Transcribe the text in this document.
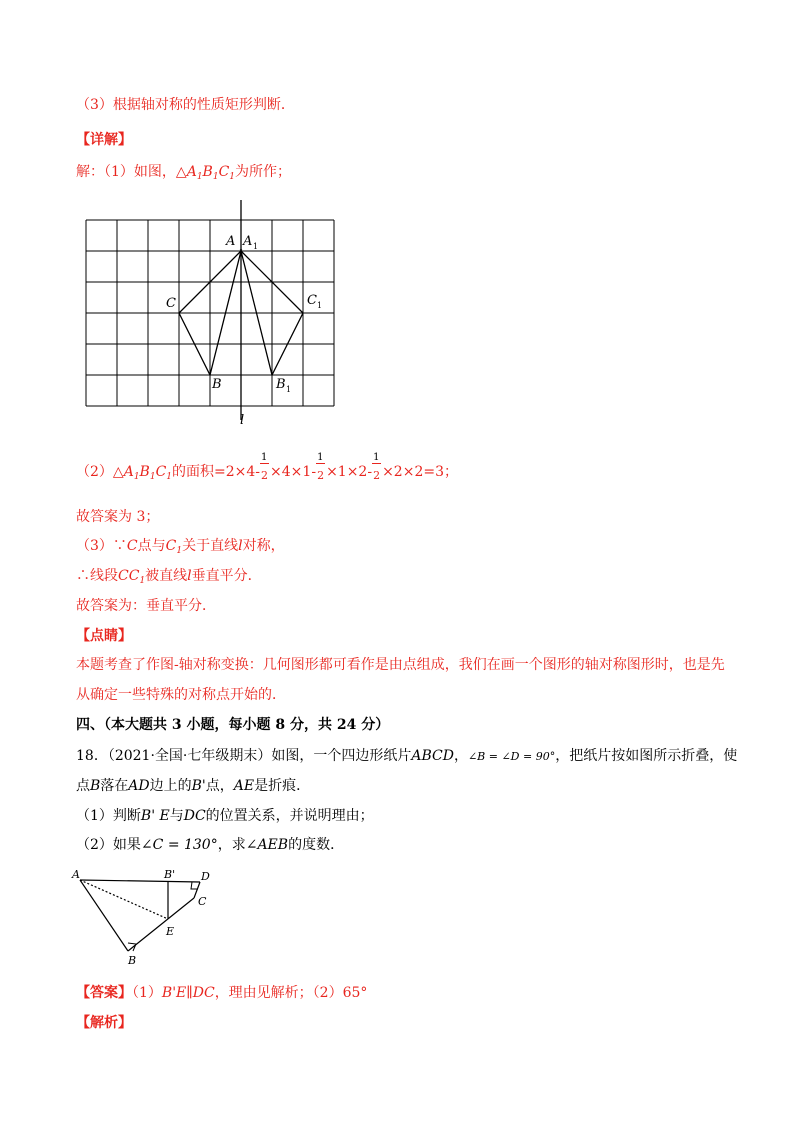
（3）根据轴对称的性质矩形判断．
【详解】
解：（1）如图，$\triangle A_1B_1C_1$为所作；
A A 1
C	C 1
B	B 1
l
$(2)\triangle A_1B_1C_1$的面积$=2\times 4- \frac{1}{2} \times 4\times 1- \frac{1}{2} \times 1\times 2- \frac{1}{2} \times 2\times 2=3$；
故答案为 3；
（3）∵C点与$C_1$关于直线l对称，
∴线段$CC_1$被直线l垂直平分．
故答案为：垂直平分．
【点睛】
本题考查了作图-轴对称变换：几何图形都可看作是由点组成，我们在画一个图形的轴对称图形时，也是先
从确定一些特殊的对称点开始的．
四、（本大题共 3 小题，每小题 8 分，共 24 分）
18．（2021·全国·七年级期末）如图，一个四边形纸片ABCD，∠B = ∠D = 90°，把纸片按如图所示折叠，使
点B落在AD边上的B'点，AE是折痕．
（1）判断B' E与DC的位置关系，并说明理由；
（2）如果∠C = 130°，求∠AEB的度数．
A	B' D
C
E
B
【答案】（1）B'E∥DC，理由见解析；（2）65°
【解析】
